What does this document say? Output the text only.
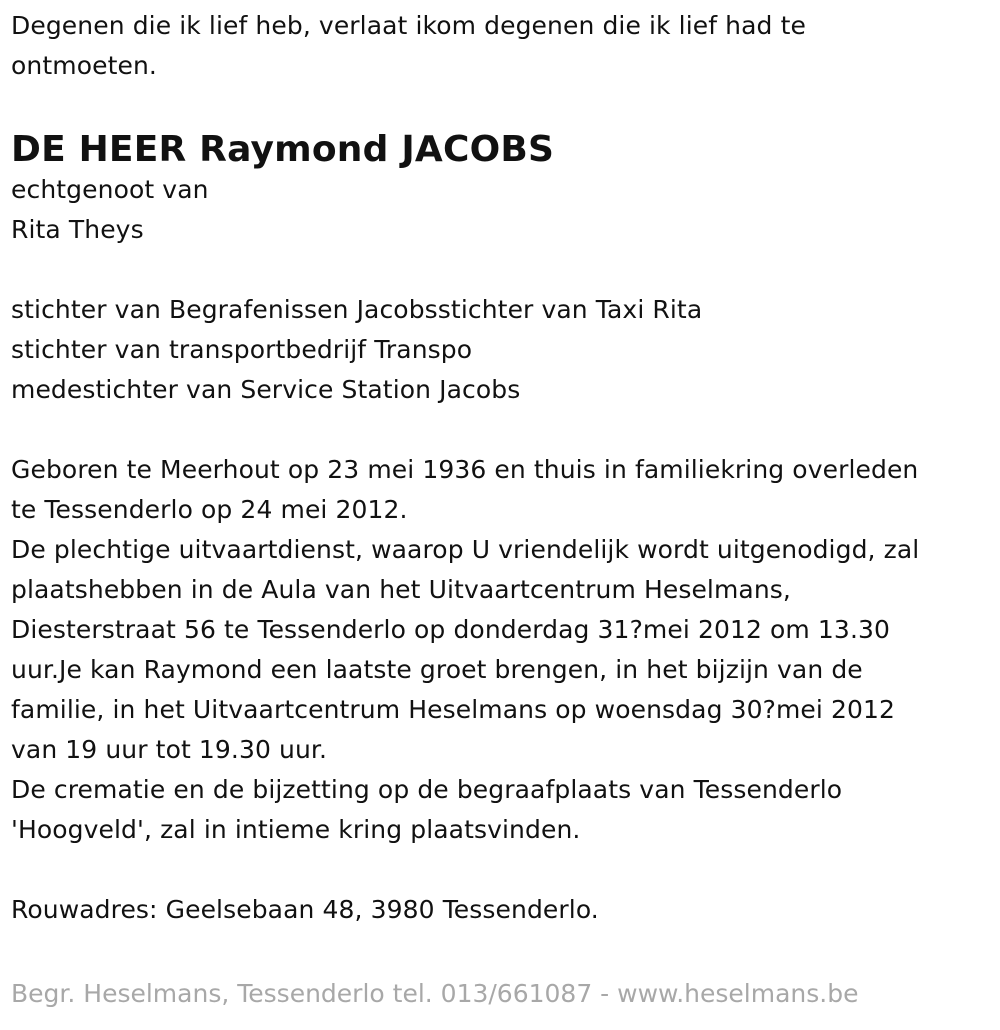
Degenen die ik lief heb, verlaat ikom degenen die ik lief had te
ontmoeten.
DE HEER Raymond JACOBS
echtgenoot van
Rita Theys
stichter van Begrafenissen Jacobsstichter van Taxi Rita
stichter van transportbedrijf Transpo
medestichter van Service Station Jacobs
Geboren te Meerhout op 23 mei 1936 en thuis in familiekring overleden
te Tessenderlo op 24 mei 2012.
De plechtige uitvaartdienst, waarop U vriendelijk wordt uitgenodigd, zal
plaatshebben in de Aula van het Uitvaartcentrum Heselmans,
Diesterstraat 56 te Tessenderlo op donderdag 31?mei 2012 om 13.30
uur.Je kan Raymond een laatste groet brengen, in het bijzijn van de
familie, in het Uitvaartcentrum Heselmans op woensdag 30?mei 2012
van 19 uur tot 19.30 uur.
De crematie en de bijzetting op de begraafplaats van Tessenderlo
'Hoogveld', zal in intieme kring plaatsvinden.
Rouwadres: Geelsebaan 48, 3980 Tessenderlo.
Begr. Heselmans, Tessenderlo tel. 013/661087 - www.heselmans.be
